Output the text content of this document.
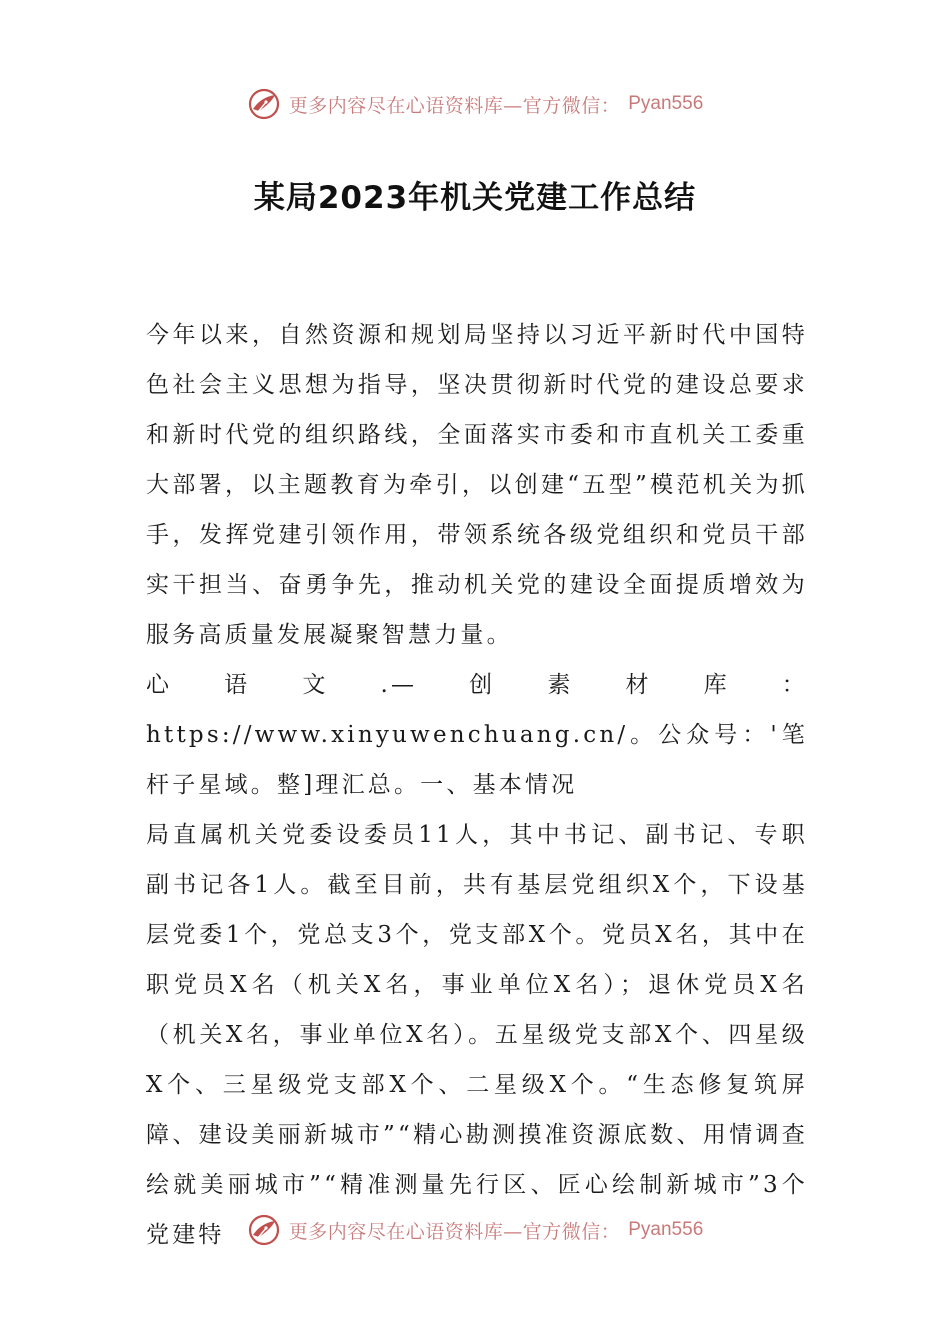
更多内容尽在心语资料库—官方微信： Pyan556
某局2023年机关党建工作总结

今年以来，自然资源和规划局坚持以习近平新时代中国特色社会主义思想为指导，坚决贯彻新时代党的建设总要求和新时代党的组织路线，全面落实市委和市直机关工委重大部署，以主题教育为牵引，以创建“五型”模范机关为抓手，发挥党建引领作用，带领系统各级党组织和党员干部实干担当、奋勇争先，推动机关党的建设全面提质增效为服务高质量发展凝聚智慧力量。

心语文.—创素材库：https://www.xinyuwenchuang.cn/。公众号：'笔杆子星域。整]理汇总。一、基本情况

局直属机关党委设委员11人，其中书记、副书记、专职副书记各1人。截至目前，共有基层党组织X个，下设基层党委1个，党总支3个，党支部X个。党员X名，其中在职党员X名（机关X名，事业单位X名）；退休党员X名（机关X名，事业单位X名）。五星级党支部X个、四星级X个、三星级党支部X个、二星级X个。“生态修复筑屏障、建设美丽新城市”“精心勘测摸准资源底数、用情调查绘就美丽城市”“精准测量先行区、匠心绘制新城市”3个党建特	更多内容尽在心语资料库—官方微信： Pyan556
